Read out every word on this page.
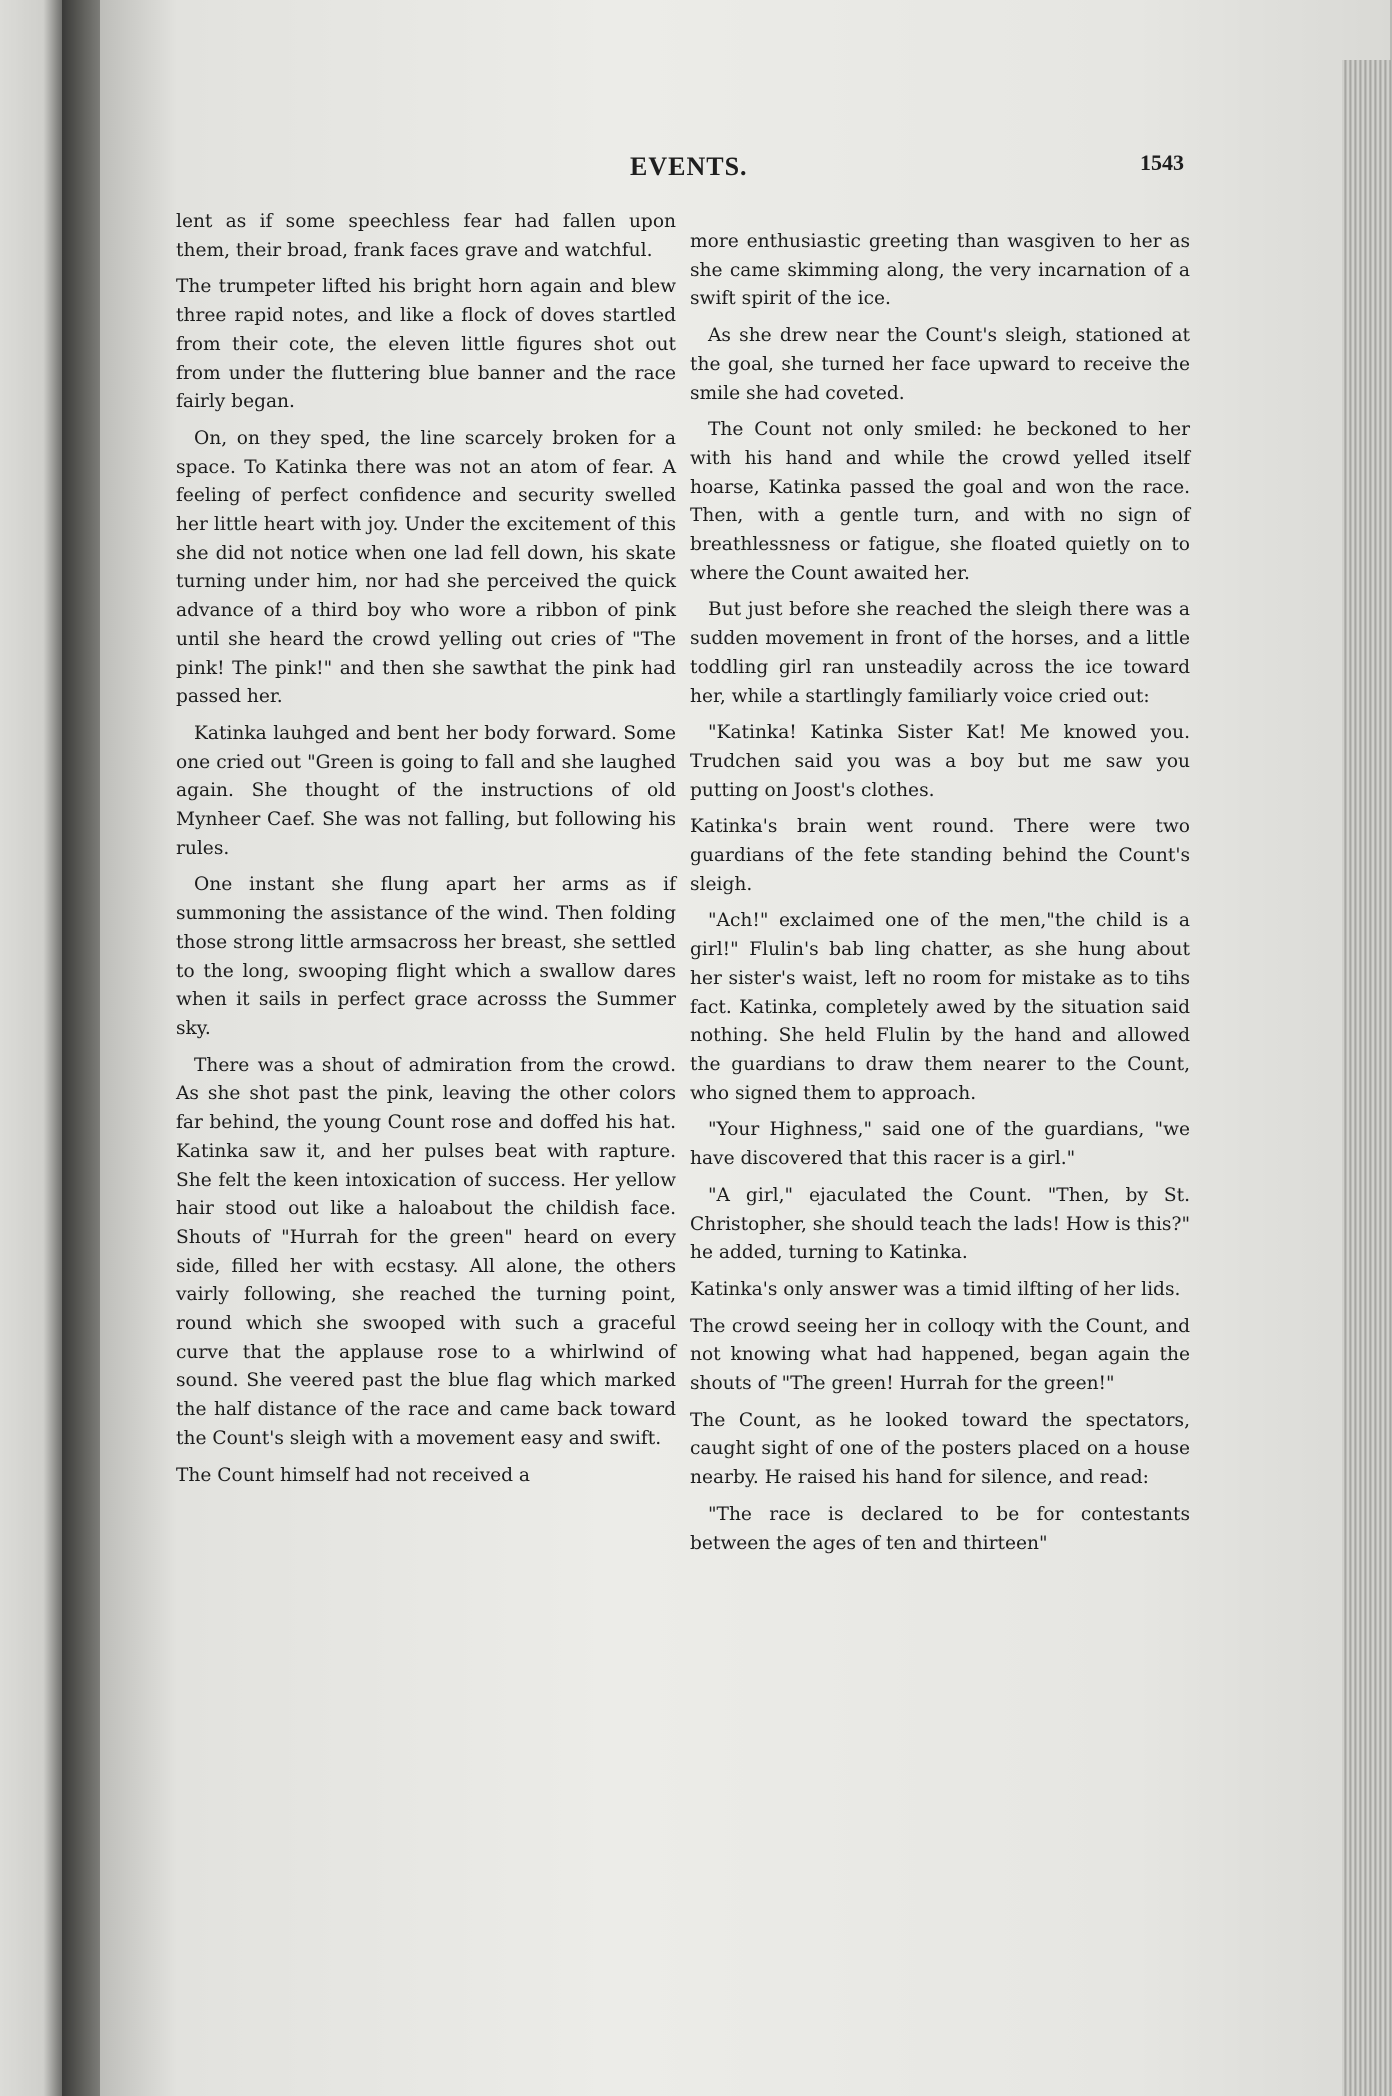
EVENTS.	1543

lent as if some speechless fear had fallen upon them, their broad, frank faces grave and watchful.

The trumpeter lifted his bright horn again and blew three rapid notes, and like a flock of doves startled from their cote, the eleven little figures shot out from under the fluttering blue banner and the race fairly began.

On, on they sped, the line scarcely broken for a space. To Katinka there was not an atom of fear. A feeling of perfect confidence and security swelled her little heart with joy. Under the excitement of this she did not notice when one lad fell down, his skate turning under him, nor had she perceived the quick advance of a third boy who wore a ribbon of pink until she heard the crowd yelling out cries of "The pink! The pink!" and then she sawthat the pink had passed her.

Katinka lauhged and bent her body forward. Some one cried out "Green is going to fall and she laughed again. She thought of the instructions of old Mynheer Caef. She was not falling, but following his rules.

One instant she flung apart her arms as if summoning the assistance of the wind. Then folding those strong little armsacross her breast, she settled to the long, swooping flight which a swallow dares when it sails in perfect grace acrosss the Summer sky.

There was a shout of admiration from the crowd. As she shot past the pink, leaving the other colors far behind, the young Count rose and doffed his hat. Katinka saw it, and her pulses beat with rapture. She felt the keen intoxication of success. Her yellow hair stood out like a haloabout the childish face. Shouts of "Hurrah for the green" heard on every side, filled her with ecstasy. All alone, the others vairly following, she reached the turning point, round which she swooped with such a graceful curve that the applause rose to a whirlwind of sound. She veered past the blue flag which marked the half distance of the race and came back toward the Count's sleigh with a movement easy and swift.

The Count himself had not received a

more enthusiastic greeting than wasgiven to her as she came skimming along, the very incarnation of a swift spirit of the ice.

As she drew near the Count's sleigh, stationed at the goal, she turned her face upward to receive the smile she had coveted.

The Count not only smiled: he beckoned to her with his hand and while the crowd yelled itself hoarse, Katinka passed the goal and won the race. Then, with a gentle turn, and with no sign of breathlessness or fatigue, she floated quietly on to where the Count awaited her.

But just before she reached the sleigh there was a sudden movement in front of the horses, and a little toddling girl ran unsteadily across the ice toward her, while a startlingly familiarly voice cried out:

"Katinka! Katinka Sister Kat! Me knowed you. Trudchen said you was a boy but me saw you putting on Joost's clothes.

Katinka's brain went round. There were two guardians of the fete standing behind the Count's sleigh.

"Ach!" exclaimed one of the men,"the child is a girl!" Flulin's bab ling chatter, as she hung about her sister's waist, left no room for mistake as to tihs fact. Katinka, completely awed by the situation said nothing. She held Flulin by the hand and allowed the guardians to draw them nearer to the Count, who signed them to approach.

"Your Highness," said one of the guardians, "we have discovered that this racer is a girl."

"A girl," ejaculated the Count. "Then, by St. Christopher, she should teach the lads! How is this?" he added, turning to Katinka.

Katinka's only answer was a timid ilfting of her lids.

The crowd seeing her in colloqy with the Count, and not knowing what had happened, began again the shouts of "The green! Hurrah for the green!"

The Count, as he looked toward the spectators, caught sight of one of the posters placed on a house nearby. He raised his hand for silence, and read:

"The race is declared to be for contestants between the ages of ten and thirteen"
